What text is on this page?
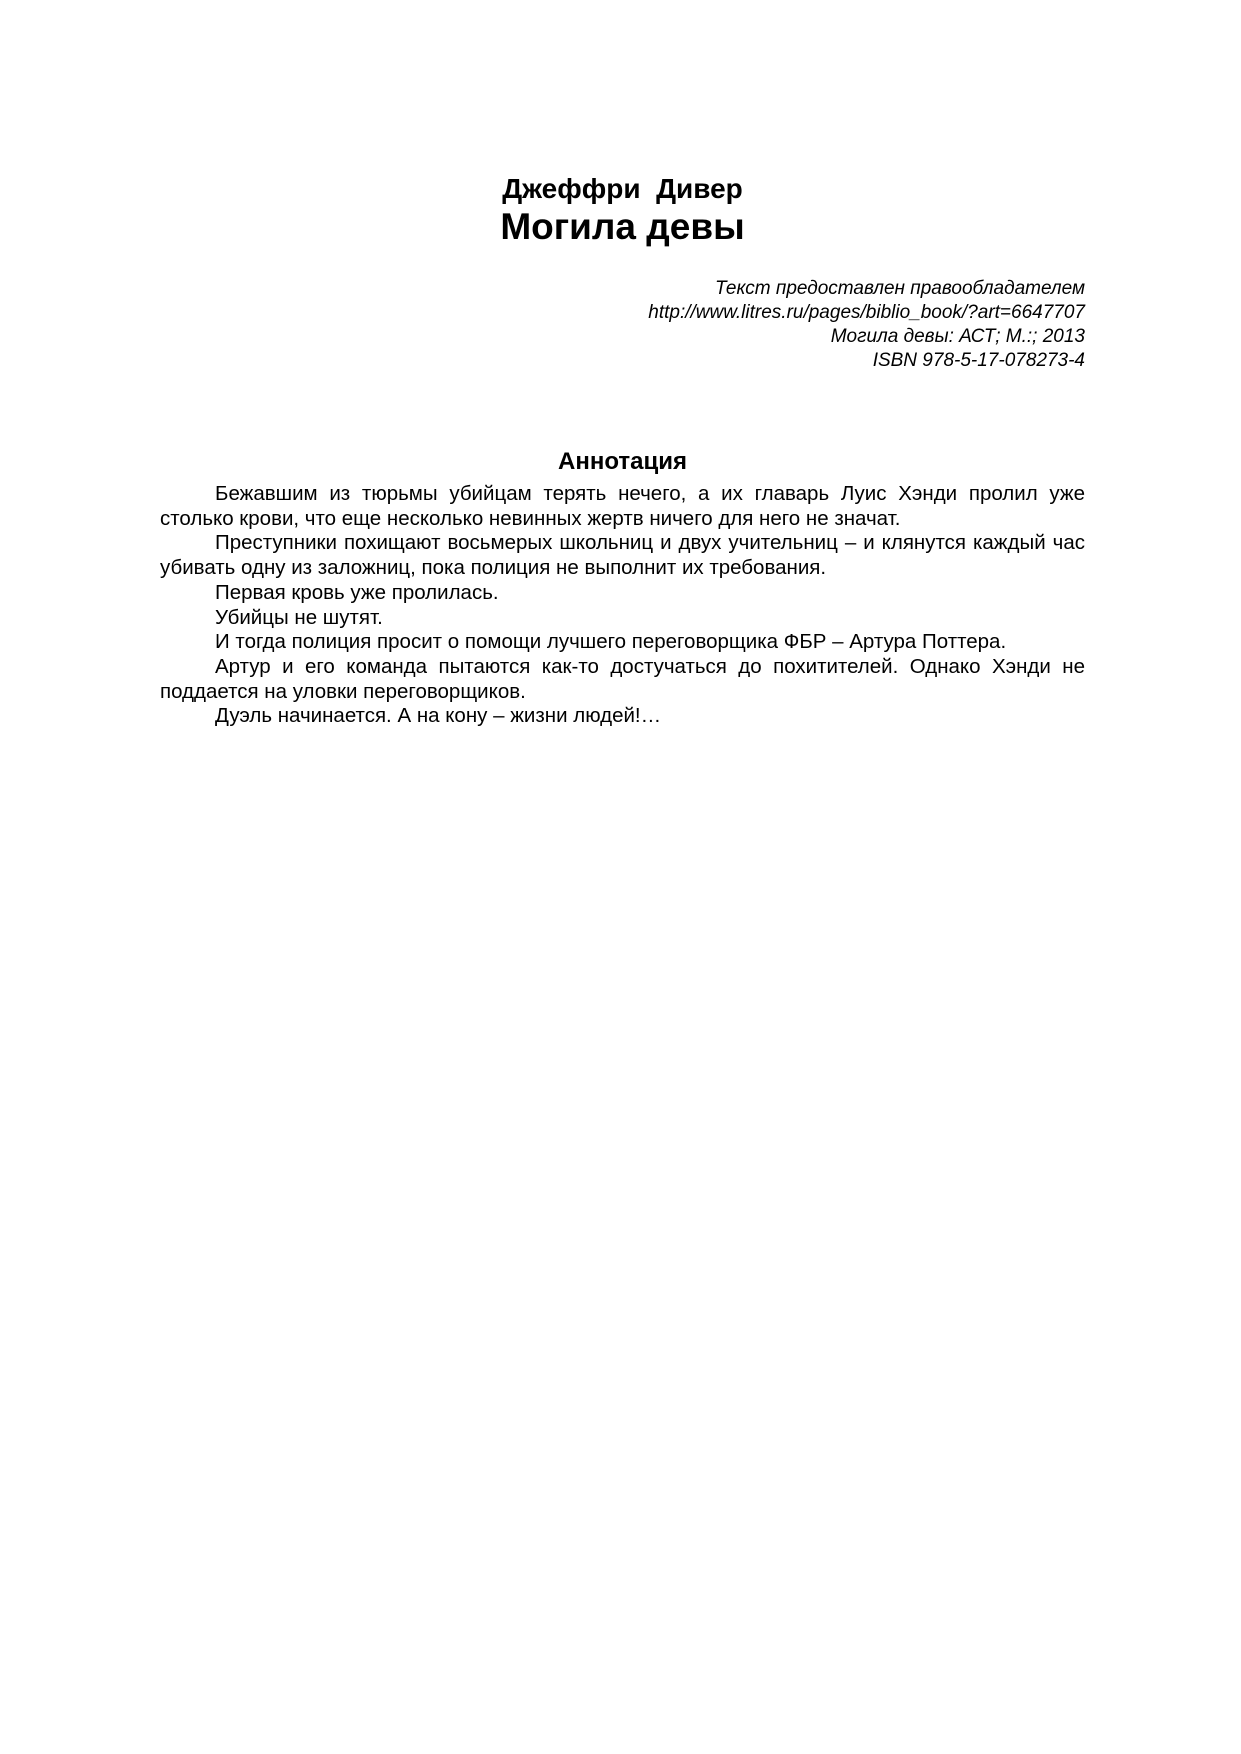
Джеффри  Дивер
Могила девы
Текст предоставлен правообладателем
http://www.litres.ru/pages/biblio_book/?art=6647707
Могила девы: АСТ; М.:; 2013
ISBN 978-5-17-078273-4
Аннотация

Бежавшим из тюрьмы убийцам терять нечего, а их главарь Луис Хэнди пролил уже столько крови, что еще несколько невинных жертв ничего для него не значат.

Преступники похищают восьмерых школьниц и двух учительниц – и клянутся каждый час убивать одну из заложниц, пока полиция не выполнит их требования.

Первая кровь уже пролилась.

Убийцы не шутят.

И тогда полиция просит о помощи лучшего переговорщика ФБР – Артура Поттера.

Артур и его команда пытаются как-то достучаться до похитителей. Однако Хэнди не поддается на уловки переговорщиков.

Дуэль начинается. А на кону – жизни людей!…
